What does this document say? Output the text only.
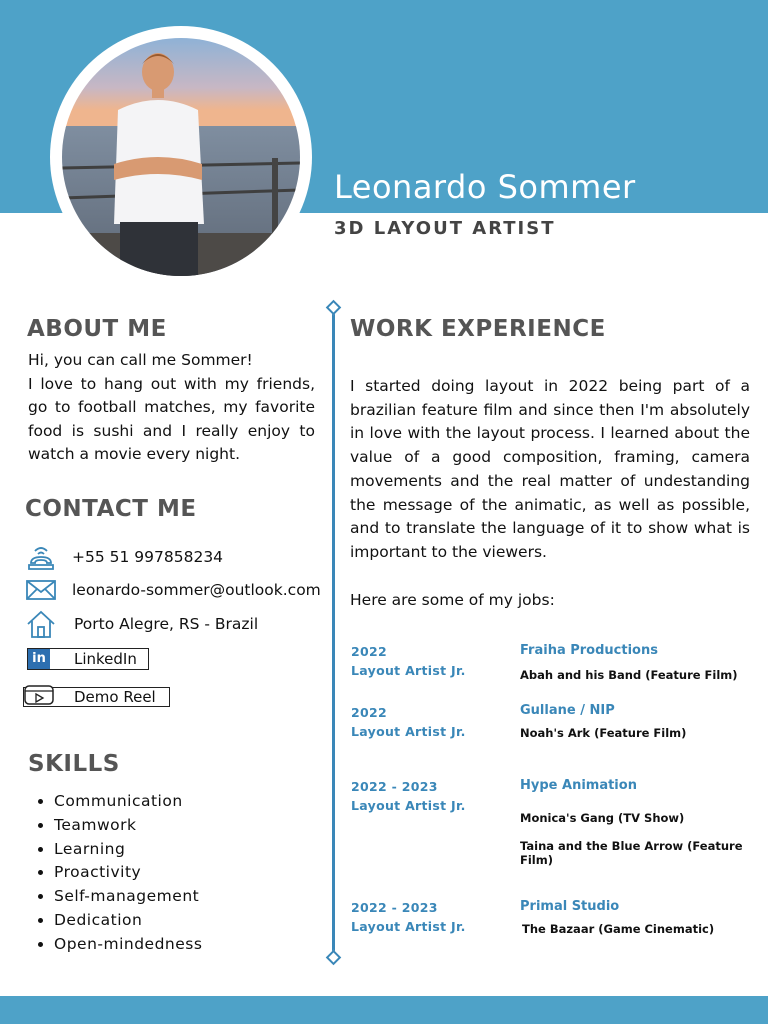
Leonardo Sommer
3D LAYOUT ARTIST
ABOUT ME

Hi, you can call me Sommer!

I love to hang out with my friends, go to football matches, my favorite food is sushi and I really enjoy to watch a movie every night.

CONTACT ME
+55 51 997858234
leonardo-sommer@outlook.com
Porto Alegre, RS - Brazil
in LinkedIn
Demo Reel
SKILLS
• Communication
• Teamwork
• Learning
• Proactivity
• Self-management
• Dedication
• Open-mindedness
WORK EXPERIENCE

I started doing layout in 2022 being part of a brazilian feature film and since then I'm absolutely in love with the layout process. I learned about the value of a good composition, framing, camera movements and the real matter of undestanding the message of the animatic, as well as possible, and to translate the language of it to show what is important to the viewers.

Here are some of my jobs:
2022
Layout Artist Jr.
Fraiha Productions
Abah and his Band (Feature Film)
2022
Layout Artist Jr.
Gullane / NIP
Noah's Ark (Feature Film)
2022 - 2023
Layout Artist Jr.
Hype Animation
Monica's Gang (TV Show)
Taina and the Blue Arrow (Feature Film)
2022 - 2023
Layout Artist Jr.
Primal Studio
The Bazaar (Game Cinematic)
